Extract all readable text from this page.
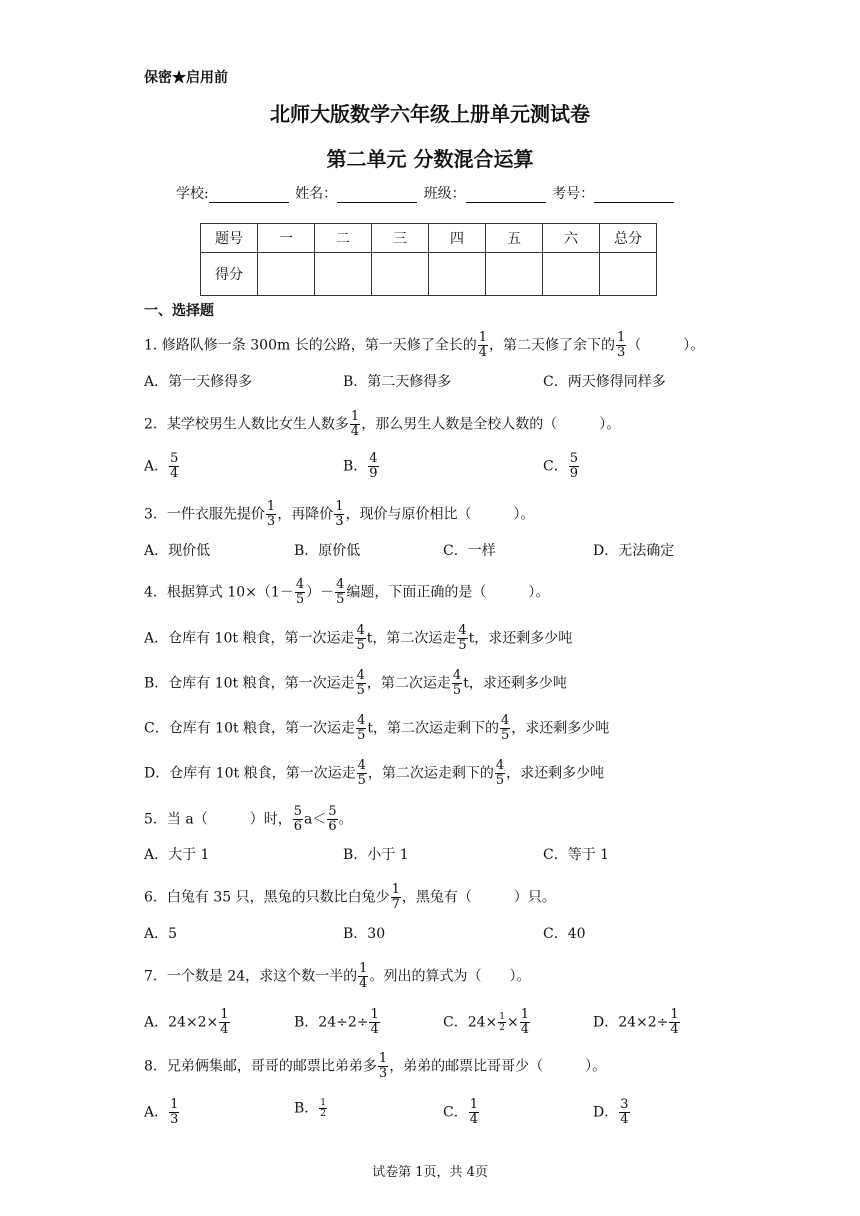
保密★启用前
北师大版数学六年级上册单元测试卷
第二单元 分数混合运算
学校:	姓名：	班级：	考号：
题号	一	二	三	四	五	六	总分
得分							
一、选择题
1. 修路队修一条 300m 长的公路，第一天修了全长的 $\frac{1}{4}$ ，第二天修了余下的 $\frac{1}{3}$ （　　　）。
A．第一天修得多	B．第二天修得多	C．两天修得同样多
2．某学校男生人数比女生人数多 $\frac{1}{4}$ ，那么男生人数是全校人数的（　　　）。
A． $\frac{5}{4}$	B． $\frac{4}{9}$	C． $\frac{5}{9}$
3．一件衣服先提价 $\frac{1}{3}$ ，再降价 $\frac{1}{3}$ ，现价与原价相比（　　　）。
A．现价低	B．原价低	C．一样	D．无法确定
4．根据算式 $10\times(1- \frac{4}{5}$ ）－ $\frac{4}{5}$ 编题，下面正确的是（　　　）。
A．仓库有 10t 粮食，第一次运走 $\frac{4}{5}$ t，第二次运走 $\frac{4}{5}$ t，求还剩多少吨
B．仓库有 10t 粮食，第一次运走 $\frac{4}{5}$ ，第二次运走 $\frac{4}{5}$ t，求还剩多少吨
C．仓库有 10t 粮食，第一次运走 $\frac{4}{5}$ t，第二次运走剩下的 $\frac{4}{5}$ ，求还剩多少吨
D．仓库有 10t 粮食，第一次运走 $\frac{4}{5}$ ，第二次运走剩下的 $\frac{4}{5}$ ，求还剩多少吨
5．当 a（　　　）时， $\frac{5}{6} a< \frac{5}{6}$ 。
A．大于 1	B．小于 1	C．等于 1
6．白兔有 35 只，黑兔的只数比白兔少 $\frac{1}{7}$ ，黑兔有（　　　）只。
A．5	B．30	C．40
7．一个数是 24，求这个数一半的 $\frac{1}{4}$ 。列出的算式为（　　）。
A．$24\times 2\times \frac{1}{4}$	B．$24\div 2\div \frac{1}{4}$	C．$24\times \frac{1}{2} \times \frac{1}{4}$	D．$24\times 2\div \frac{1}{4}$
8．兄弟俩集邮，哥哥的邮票比弟弟多 $\frac{1}{3}$ ，弟弟的邮票比哥哥少（　　　）。
A． $\frac{1}{3}$	B． $\frac{1}{2}$	C． $\frac{1}{4}$	D． $\frac{3}{4}$
试卷第 1页，共 4页
